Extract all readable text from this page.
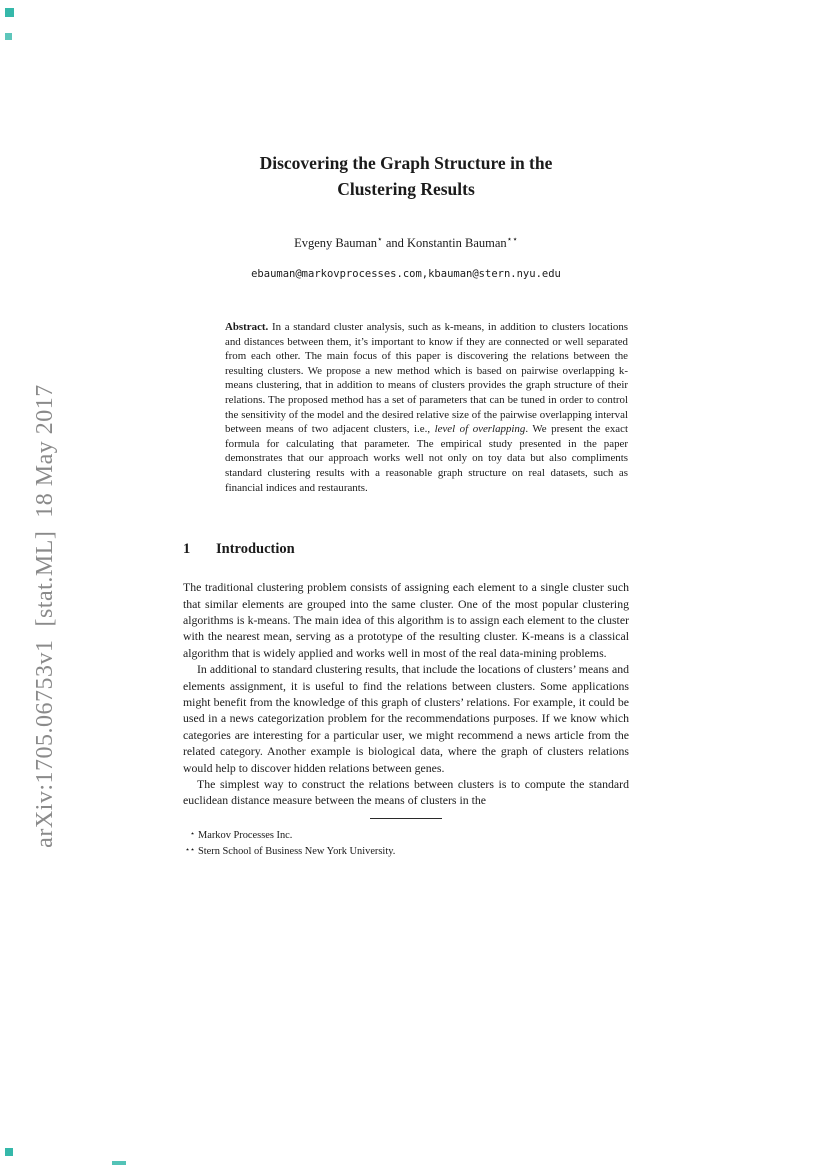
arXiv:1705.06753v1  [stat.ML]  18 May 2017
Discovering the Graph Structure in the
Clustering Results
Evgeny Bauman⋆ and Konstantin Bauman⋆⋆
ebauman@markovprocesses.com,kbauman@stern.nyu.edu

Abstract. In a standard cluster analysis, such as k-means, in addition to clusters locations and distances between them, it’s important to know if they are connected or well separated from each other. The main focus of this paper is discovering the relations between the resulting clusters. We propose a new method which is based on pairwise overlapping k-means clustering, that in addition to means of clusters provides the graph structure of their relations. The proposed method has a set of parameters that can be tuned in order to control the sensitivity of the model and the desired relative size of the pairwise overlapping interval between means of two adjacent clusters, i.e., level of overlapping. We present the exact formula for calculating that parameter. The empirical study presented in the paper demonstrates that our approach works well not only on toy data but also compliments standard clustering results with a reasonable graph structure on real datasets, such as financial indices and restaurants.

1 Introduction

The traditional clustering problem consists of assigning each element to a single cluster such that similar elements are grouped into the same cluster. One of the most popular clustering algorithms is k-means. The main idea of this algorithm is to assign each element to the cluster with the nearest mean, serving as a prototype of the resulting cluster. K-means is a classical algorithm that is widely applied and works well in most of the real data-mining problems.

In additional to standard clustering results, that include the locations of clusters’ means and elements assignment, it is useful to find the relations between clusters. Some applications might benefit from the knowledge of this graph of clusters’ relations. For example, it could be used in a news categorization problem for the recommendations purposes. If we know which categories are interesting for a particular user, we might recommend a news article from the related category. Another example is biological data, where the graph of clusters relations would help to discover hidden relations between genes.

The simplest way to construct the relations between clusters is to compute the standard euclidean distance measure between the means of clusters in the

⋆ Markov Processes Inc.
⋆⋆ Stern School of Business New York University.
